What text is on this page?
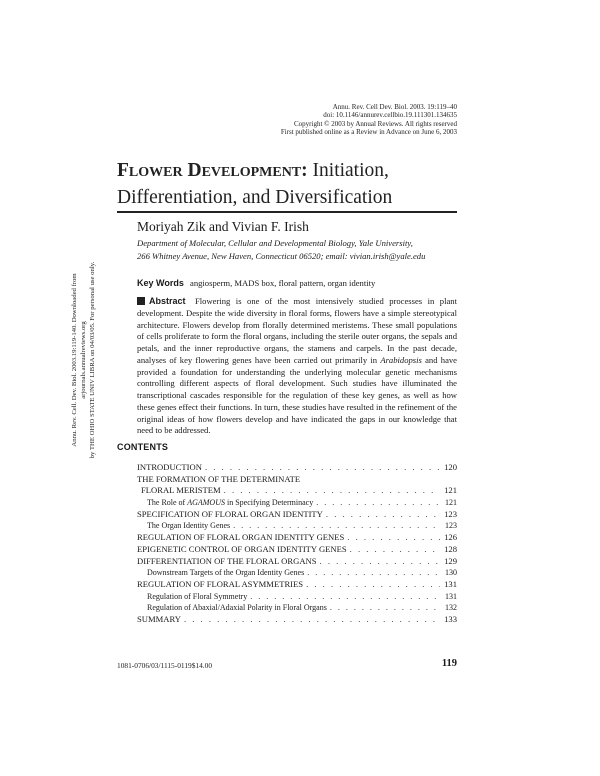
Annu. Rev. Cell Dev. Biol. 2003. 19:119–40
doi: 10.1146/annurev.cellbio.19.111301.134635
Copyright © 2003 by Annual Reviews. All rights reserved
First published online as a Review in Advance on June 6, 2003
FLOWER DEVELOPMENT: Initiation,
Differentiation, and Diversification
Moriyah Zik and Vivian F. Irish
Department of Molecular, Cellular and Developmental Biology, Yale University,
266 Whitney Avenue, New Haven, Connecticut 06520; email: vivian.irish@yale.edu
Key Words angiosperm, MADS box, floral pattern, organ identity
Abstract Flowering is one of the most intensively studied processes in plant development. Despite the wide diversity in floral forms, flowers have a simple stereotypical architecture. Flowers develop from florally determined meristems. These small populations of cells proliferate to form the floral organs, including the sterile outer organs, the sepals and petals, and the inner reproductive organs, the stamens and carpels. In the past decade, analyses of key flowering genes have been carried out primarily in Arabidopsis and have provided a foundation for understanding the underlying molecular genetic mechanisms controlling different aspects of floral development. Such studies have illuminated the transcriptional cascades responsible for the regulation of these key genes, as well as how these genes effect their functions. In turn, these studies have resulted in the refinement of the original ideas of how flowers develop and have indicated the gaps in our knowledge that need to be addressed.
CONTENTS
INTRODUCTION . . .	120
THE FORMATION OF THE DETERMINATE
FLORAL MERISTEM . . .	121
The Role of AGAMOUS in Specifying Determinacy . . .	121
SPECIFICATION OF FLORAL ORGAN IDENTITY . . .	123
The Organ Identity Genes . . .	123
REGULATION OF FLORAL ORGAN IDENTITY GENES . . .	126
EPIGENETIC CONTROL OF ORGAN IDENTITY GENES . . .	128
DIFFERENTIATION OF THE FLORAL ORGANS . . .	129
Downstream Targets of the Organ Identity Genes . . .	130
REGULATION OF FLORAL ASYMMETRIES . . .	131
Regulation of Floral Symmetry . . .	131
Regulation of Abaxial/Adaxial Polarity in Floral Organs . . .	132
SUMMARY . . .	133
1081-0706/03/1115-0119$14.00	119
Annu. Rev. Cell. Dev. Biol. 2003.19:119-140. Downloaded from arjournals.annualreviews.org by THE OHIO STATE UNIV LIBRA on 04/03/05. For personal use only.
